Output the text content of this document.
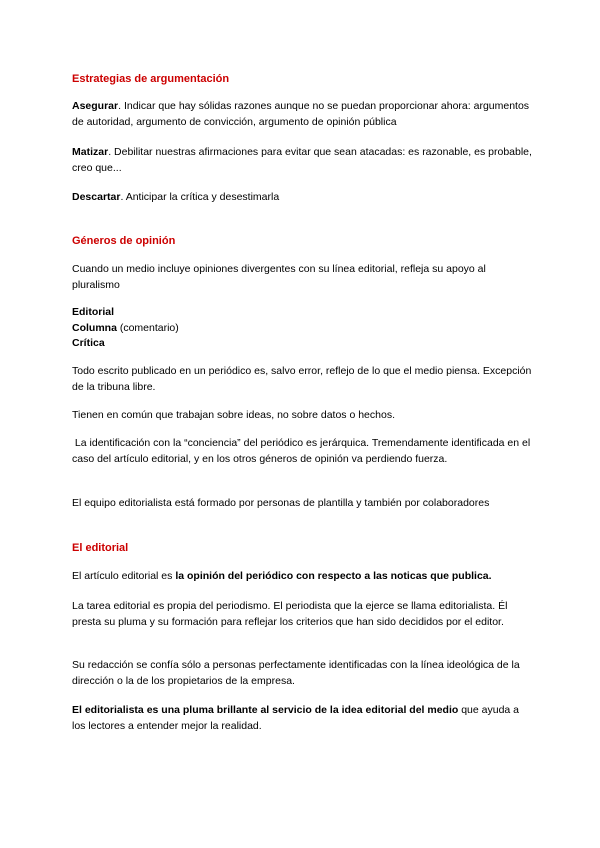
Estrategias de argumentación

Asegurar. Indicar que hay sólidas razones aunque no se puedan proporcionar ahora: argumentos de autoridad, argumento de convicción, argumento de opinión pública

Matizar. Debilitar nuestras afirmaciones para evitar que sean atacadas: es razonable, es probable, creo que...

Descartar. Anticipar la crítica y desestimarla

Géneros de opinión

Cuando un medio incluye opiniones divergentes con su línea editorial, refleja su apoyo al pluralismo

Editorial
Columna (comentario)
Crítica

Todo escrito publicado en un periódico es, salvo error, reflejo de lo que el medio piensa. Excepción de la tribuna libre.

Tienen en común que trabajan sobre ideas, no sobre datos o hechos.

La identificación con la “conciencia” del periódico es jerárquica. Tremendamente identificada en el caso del artículo editorial, y en los otros géneros de opinión va perdiendo fuerza.

El equipo editorialista está formado por personas de plantilla y también por colaboradores

El editorial

El artículo editorial es la opinión del periódico con respecto a las noticas que publica.

La tarea editorial es propia del periodismo. El periodista que la ejerce se llama editorialista. Él presta su pluma y su formación para reflejar los criterios que han sido decididos por el editor.

Su redacción se confía sólo a personas perfectamente identificadas con la línea ideológica de la dirección o la de los propietarios de la empresa.

El editorialista es una pluma brillante al servicio de la idea editorial del medio que ayuda a los lectores a entender mejor la realidad.
